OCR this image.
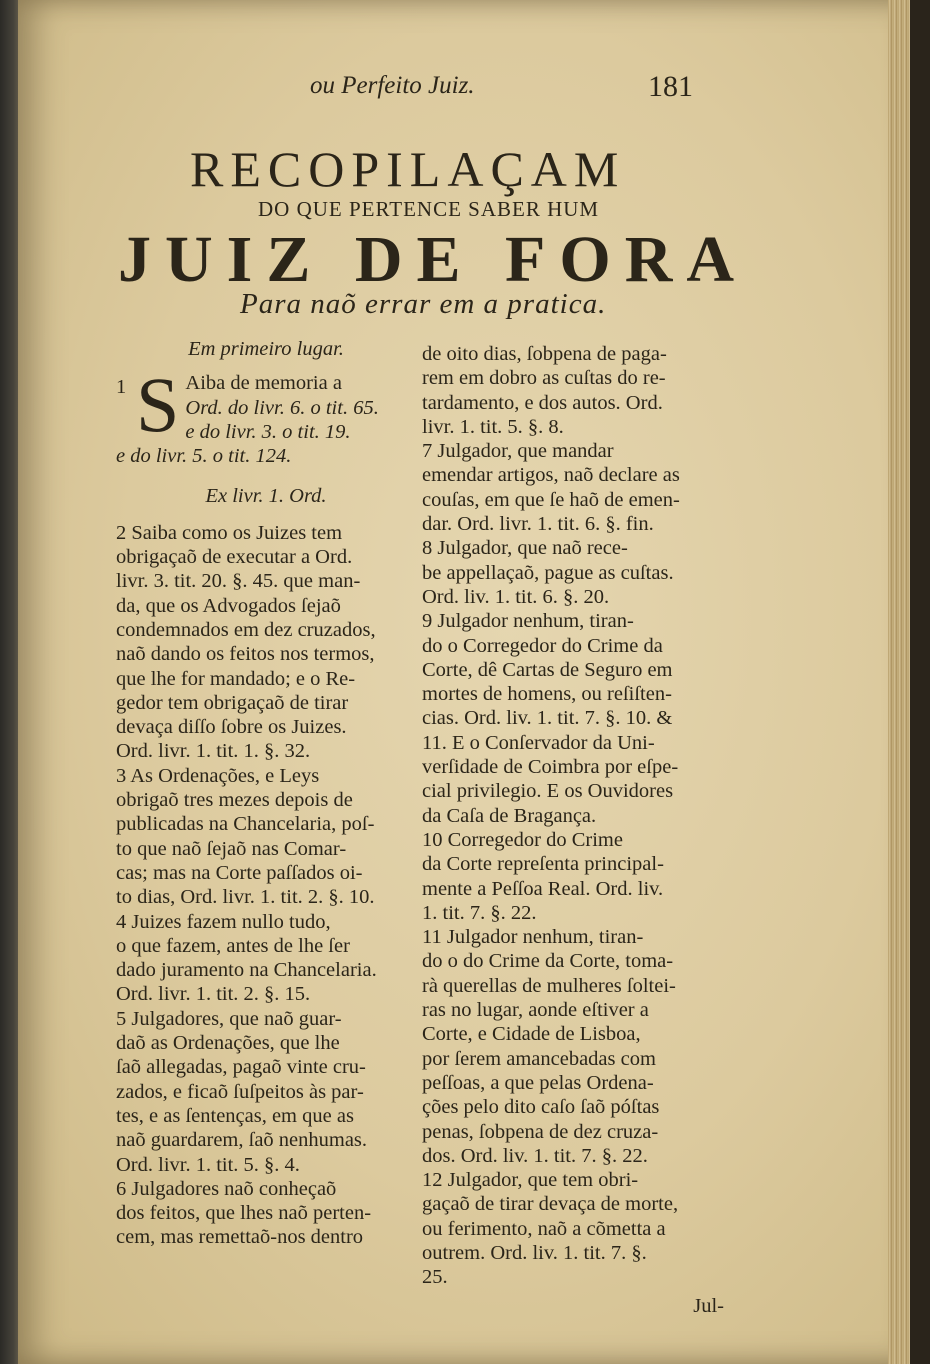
ou Perfeito Juiz.	181
RECOPILAÇAM
DO QUE PERTENCE SABER HUM
JUIZ DE FORA
Para naõ errar em a pratica.
Em primeiro lugar.
1 S Aiba de memoria a
Ord. do livr. 6. o tit. 65.
e do livr. 3. o tit. 19.
e do livr. 5. o tit. 124.
Ex livr. 1. Ord.
2 Saiba como os Juizes tem
obrigaçaõ de executar a Ord.
livr. 3. tit. 20. §. 45. que man-
da, que os Advogados ſejaõ
condemnados em dez cruzados,
naõ dando os feitos nos termos,
que lhe for mandado; e o Re-
gedor tem obrigaçaõ de tirar
devaça diſſo ſobre os Juizes.
Ord. livr. 1. tit. 1. §. 32.
3 As Ordenações, e Leys
obrigaõ tres mezes depois de
publicadas na Chancelaria, poſ-
to que naõ ſejaõ nas Comar-
cas; mas na Corte paſſados oi-
to dias, Ord. livr. 1. tit. 2. §. 10.
4 Juizes fazem nullo tudo,
o que fazem, antes de lhe ſer
dado juramento na Chancelaria.
Ord. livr. 1. tit. 2. §. 15.
5 Julgadores, que naõ guar-
daõ as Ordenações, que lhe
ſaõ allegadas, pagaõ vinte cru-
zados, e ficaõ ſuſpeitos às par-
tes, e as ſentenças, em que as
naõ guardarem, ſaõ nenhumas.
Ord. livr. 1. tit. 5. §. 4.
6 Julgadores naõ conheçaõ
dos feitos, que lhes naõ perten-
cem, mas remettaõ-nos dentro
de oito dias, ſobpena de paga-
rem em dobro as cuſtas do re-
tardamento, e dos autos. Ord.
livr. 1. tit. 5. §. 8.
7 Julgador, que mandar
emendar artigos, naõ declare as
couſas, em que ſe haõ de emen-
dar. Ord. livr. 1. tit. 6. §. fin.
8 Julgador, que naõ rece-
be appellaçaõ, pague as cuſtas.
Ord. liv. 1. tit. 6. §. 20.
9 Julgador nenhum, tiran-
do o Corregedor do Crime da
Corte, dê Cartas de Seguro em
mortes de homens, ou reſiſten-
cias. Ord. liv. 1. tit. 7. §. 10. &
11. E o Conſervador da Uni-
verſidade de Coimbra por eſpe-
cial privilegio. E os Ouvidores
da Caſa de Bragança.
10 Corregedor do Crime
da Corte repreſenta principal-
mente a Peſſoa Real. Ord. liv.
1. tit. 7. §. 22.
11 Julgador nenhum, tiran-
do o do Crime da Corte, toma-
rà querellas de mulheres ſoltei-
ras no lugar, aonde eſtiver a
Corte, e Cidade de Lisboa,
por ſerem amancebadas com
peſſoas, a que pelas Ordena-
ções pelo dito caſo ſaõ póſtas
penas, ſobpena de dez cruza-
dos. Ord. liv. 1. tit. 7. §. 22.
12 Julgador, que tem obri-
gaçaõ de tirar devaça de morte,
ou ferimento, naõ a cõmetta a
outrem. Ord. liv. 1. tit. 7. §.
25.
Jul-
